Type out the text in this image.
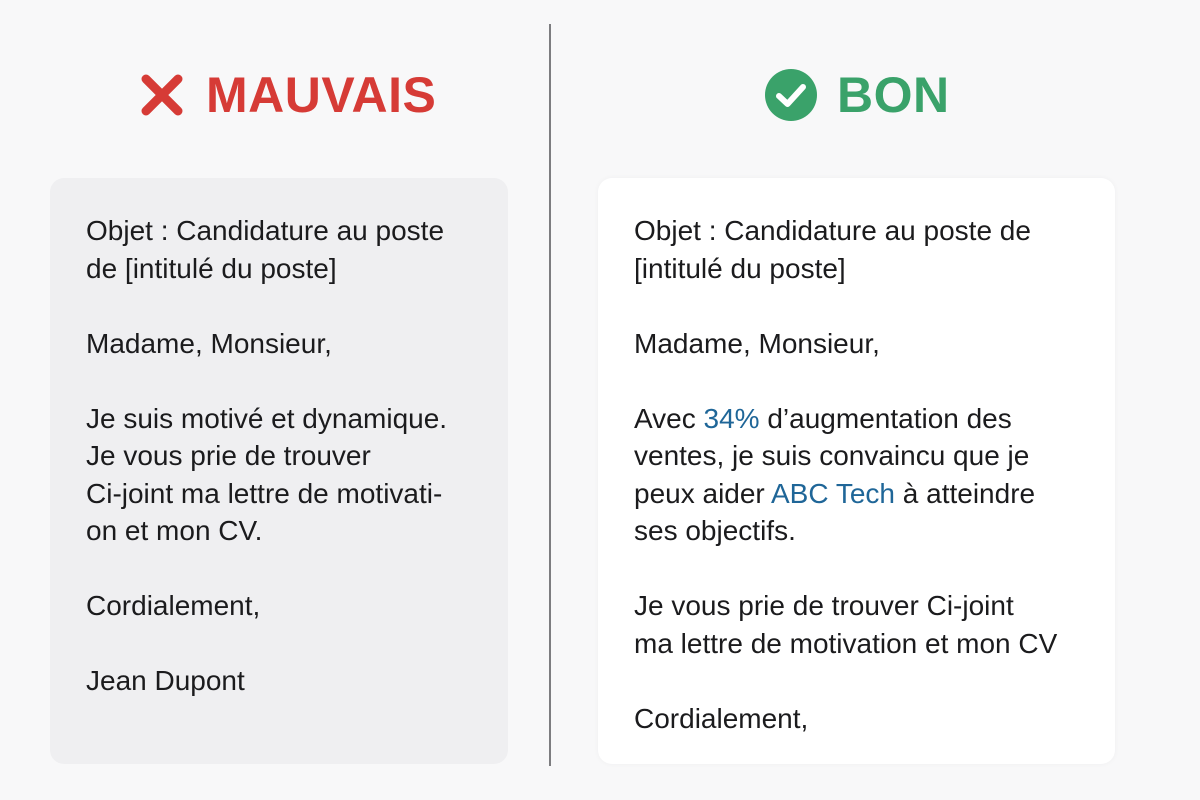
MAUVAIS	BON
Objet : Candidature au poste
de [intitulé du poste]
Madame, Monsieur,
Je suis motivé et dynamique.
Je vous prie de trouver
Ci-joint ma lettre de motivati-
on et mon CV.
Cordialement,
Jean Dupont
Objet : Candidature au poste de
[intitulé du poste]
Madame, Monsieur,
Avec 34% d’augmentation des
ventes, je suis convaincu que je
peux aider ABC Tech à atteindre
ses objectifs.
Je vous prie de trouver Ci-joint
ma lettre de motivation et mon CV
Cordialement,
